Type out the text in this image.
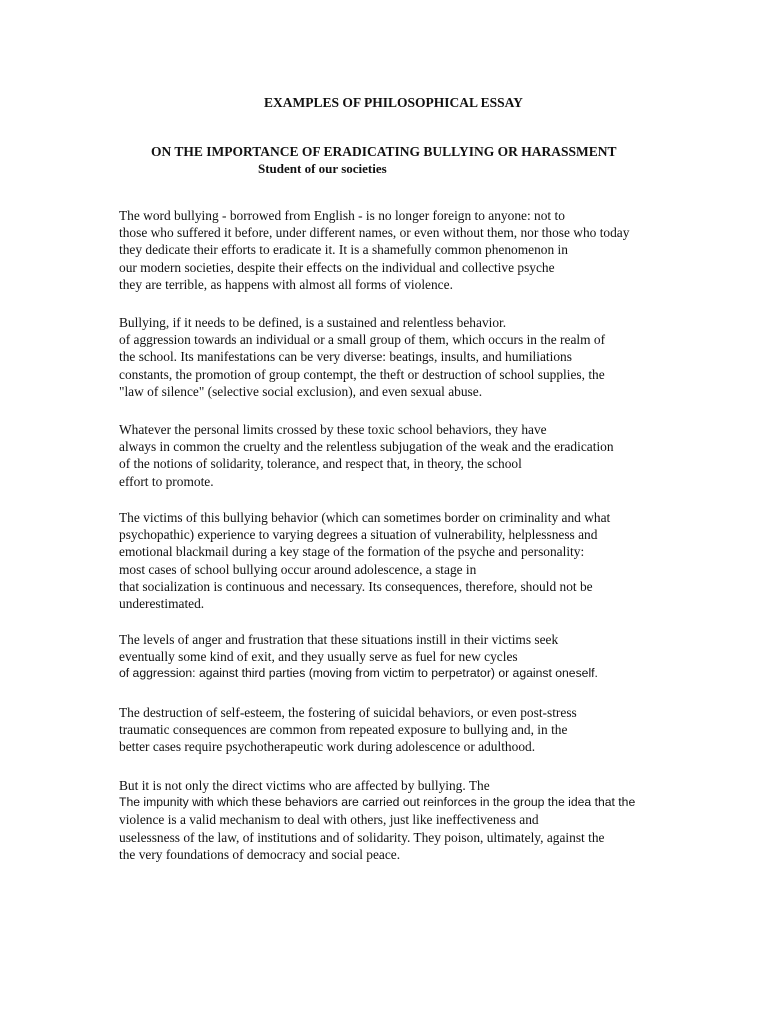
EXAMPLES OF PHILOSOPHICAL ESSAY
ON THE IMPORTANCE OF ERADICATING BULLYING OR HARASSMENT
Student of our societies

The word bullying - borrowed from English - is no longer foreign to anyone: not to
those who suffered it before, under different names, or even without them, nor those who today
they dedicate their efforts to eradicate it. It is a shamefully common phenomenon in
our modern societies, despite their effects on the individual and collective psyche
they are terrible, as happens with almost all forms of violence.

Bullying, if it needs to be defined, is a sustained and relentless behavior.
of aggression towards an individual or a small group of them, which occurs in the realm of
the school. Its manifestations can be very diverse: beatings, insults, and humiliations
constants, the promotion of group contempt, the theft or destruction of school supplies, the
"law of silence" (selective social exclusion), and even sexual abuse.

Whatever the personal limits crossed by these toxic school behaviors, they have
always in common the cruelty and the relentless subjugation of the weak and the eradication
of the notions of solidarity, tolerance, and respect that, in theory, the school
effort to promote.

The victims of this bullying behavior (which can sometimes border on criminality and what
psychopathic) experience to varying degrees a situation of vulnerability, helplessness and
emotional blackmail during a key stage of the formation of the psyche and personality:
most cases of school bullying occur around adolescence, a stage in
that socialization is continuous and necessary. Its consequences, therefore, should not be
underestimated.

The levels of anger and frustration that these situations instill in their victims seek
eventually some kind of exit, and they usually serve as fuel for new cycles
of aggression: against third parties (moving from victim to perpetrator) or against oneself.

The destruction of self-esteem, the fostering of suicidal behaviors, or even post-stress
traumatic consequences are common from repeated exposure to bullying and, in the
better cases require psychotherapeutic work during adolescence or adulthood.

But it is not only the direct victims who are affected by bullying. The
The impunity with which these behaviors are carried out reinforces in the group the idea that the
violence is a valid mechanism to deal with others, just like ineffectiveness and
uselessness of the law, of institutions and of solidarity. They poison, ultimately, against the
the very foundations of democracy and social peace.
